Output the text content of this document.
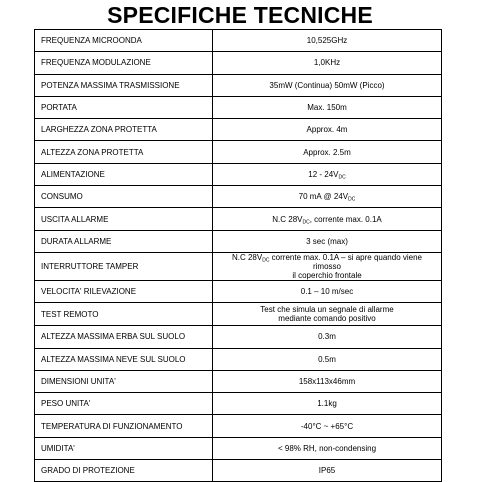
SPECIFICHE TECNICHE
FREQUENZA MICROONDA	10,525GHz
FREQUENZA MODULAZIONE	1,0KHz
POTENZA MASSIMA TRASMISSIONE	35mW (Continua) 50mW (Picco)
PORTATA	Max. 150m
LARGHEZZA ZONA PROTETTA	Approx. 4m
ALTEZZA ZONA PROTETTA	Approx. 2.5m
ALIMENTAZIONE	$12 - 24V_{DC}$
CONSUMO	70 mA @ $24V_{DC}$
USCITA ALLARME	N.C $28V_{DC}$, corrente max. 0.1A
DURATA ALLARME	3 sec (max)
INTERRUTTORE TAMPER	N.C $28V_{DC}$ corrente max. 0.1A – si apre quando viene rimosso
il coperchio frontale
VELOCITA' RILEVAZIONE	0.1 – 10 m/sec
TEST REMOTO	Test che simula un segnale di allarme
mediante comando positivo
ALTEZZA MASSIMA ERBA SUL SUOLO	0.3m
ALTEZZA MASSIMA NEVE SUL SUOLO	0.5m
DIMENSIONI UNITA'	158x113x46mm
PESO UNITA'	1.1kg
TEMPERATURA DI FUNZIONAMENTO	-40°C ~ +65°C
UMIDITA'	< 98% RH, non-condensing
GRADO DI PROTEZIONE	IP65
